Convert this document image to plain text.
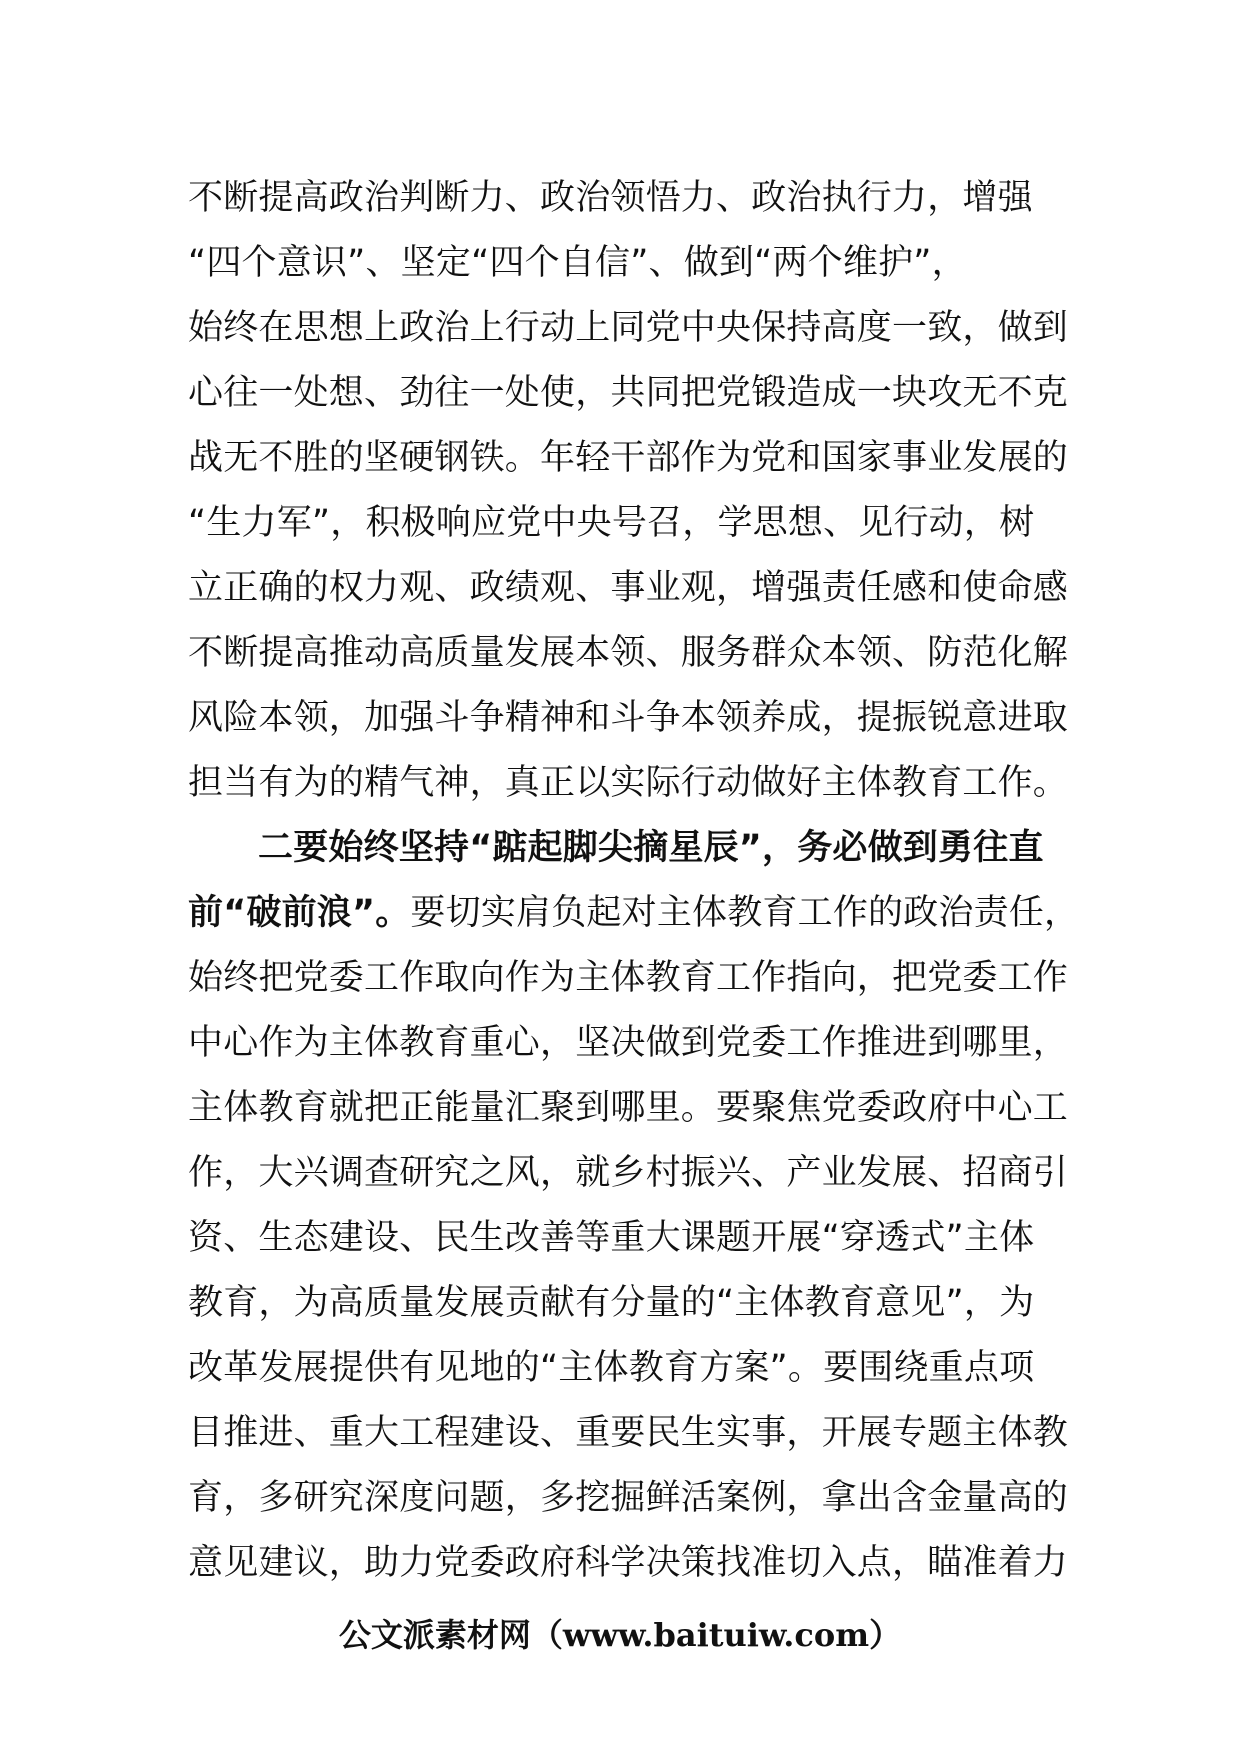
不断提高政治判断力、政治领悟力、政治执行力，增强
“四个意识”、坚定“四个自信”、做到“两个维护”，
始终在思想上政治上行动上同党中央保持高度一致，做到
心往一处想、劲往一处使，共同把党锻造成一块攻无不克
战无不胜的坚硬钢铁。年轻干部作为党和国家事业发展的
“生力军”，积极响应党中央号召，学思想、见行动，树
立正确的权力观、政绩观、事业观，增强责任感和使命感
不断提高推动高质量发展本领、服务群众本领、防范化解
风险本领，加强斗争精神和斗争本领养成，提振锐意进取
担当有为的精气神，真正以实际行动做好主体教育工作。
二要始终坚持“踮起脚尖摘星辰”，务必做到勇往直
前“破前浪”。要切实肩负起对主体教育工作的政治责任，
始终把党委工作取向作为主体教育工作指向，把党委工作
中心作为主体教育重心，坚决做到党委工作推进到哪里，
主体教育就把正能量汇聚到哪里。要聚焦党委政府中心工
作，大兴调查研究之风，就乡村振兴、产业发展、招商引
资、生态建设、民生改善等重大课题开展“穿透式”主体
教育，为高质量发展贡献有分量的“主体教育意见”，为
改革发展提供有见地的“主体教育方案”。要围绕重点项
目推进、重大工程建设、重要民生实事，开展专题主体教
育，多研究深度问题，多挖掘鲜活案例，拿出含金量高的
意见建议，助力党委政府科学决策找准切入点，瞄准着力
公文派素材网（www.baituiw.com）
